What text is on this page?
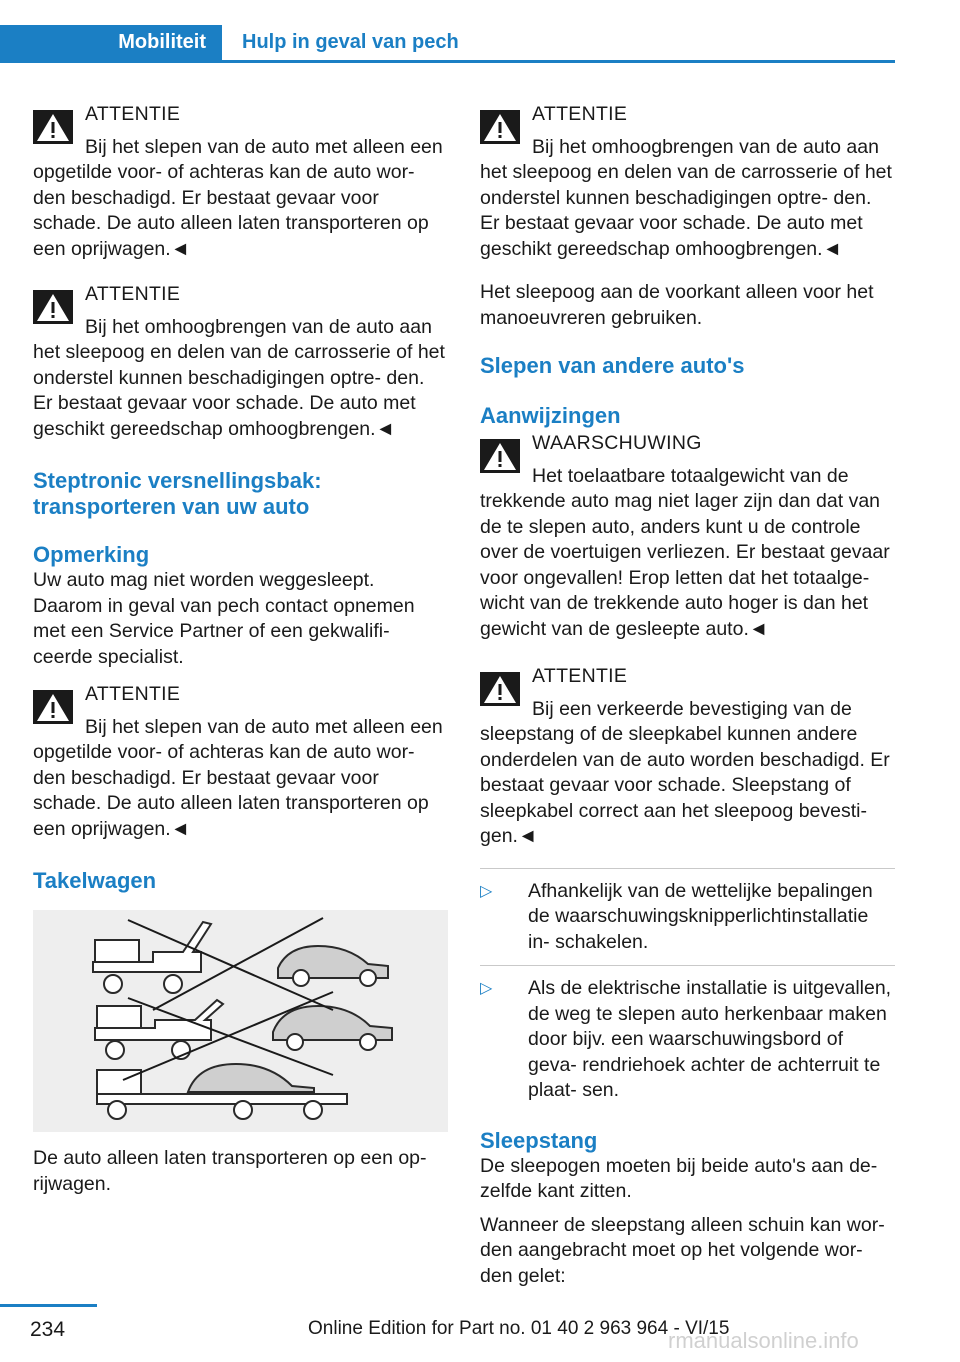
Mobiliteit	Hulp in geval van pech
ATTENTIE
Bij het slepen van de auto met alleen een opgetilde voor- of achteras kan de auto wor- den beschadigd. Er bestaat gevaar voor schade. De auto alleen laten transporteren op een oprijwagen.◄
ATTENTIE
Bij het omhoogbrengen van de auto aan het sleepoog en delen van de carrosserie of het onderstel kunnen beschadigingen optre- den. Er bestaat gevaar voor schade. De auto met geschikt gereedschap omhoogbrengen.◄
Steptronic versnellingsbak: transporteren van uw auto
Opmerking
Uw auto mag niet worden weggesleept. Daarom in geval van pech contact opnemen met een Service Partner of een gekwalifi- ceerde specialist.
ATTENTIE
Bij het slepen van de auto met alleen een opgetilde voor- of achteras kan de auto wor- den beschadigd. Er bestaat gevaar voor schade. De auto alleen laten transporteren op een oprijwagen.◄
Takelwagen
De auto alleen laten transporteren op een op- rijwagen.
ATTENTIE
Bij het omhoogbrengen van de auto aan het sleepoog en delen van de carrosserie of het onderstel kunnen beschadigingen optre- den. Er bestaat gevaar voor schade. De auto met geschikt gereedschap omhoogbrengen.◄
Het sleepoog aan de voorkant alleen voor het manoeuvreren gebruiken.
Slepen van andere auto's
Aanwijzingen
WAARSCHUWING
Het toelaatbare totaalgewicht van de trekkende auto mag niet lager zijn dan dat van de te slepen auto, anders kunt u de controle over de voertuigen verliezen. Er bestaat gevaar voor ongevallen! Erop letten dat het totaalge- wicht van de trekkende auto hoger is dan het gewicht van de gesleepte auto.◄
ATTENTIE
Bij een verkeerde bevestiging van de sleepstang of de sleepkabel kunnen andere onderdelen van de auto worden beschadigd. Er bestaat gevaar voor schade. Sleepstang of sleepkabel correct aan het sleepoog bevesti- gen.◄
▷ Afhankelijk van de wettelijke bepalingen de waarschuwingsknipperlichtinstallatie in- schakelen.
▷ Als de elektrische installatie is uitgevallen, de weg te slepen auto herkenbaar maken door bijv. een waarschuwingsbord of geva- rendriehoek achter de achterruit te plaat- sen.
Sleepstang
De sleepogen moeten bij beide auto's aan de- zelfde kant zitten.
Wanneer de sleepstang alleen schuin kan wor- den aangebracht moet op het volgende wor- den gelet:
234	Online Edition for Part no. 01 40 2 963 964 - VI/15
rmanualsonline.info
